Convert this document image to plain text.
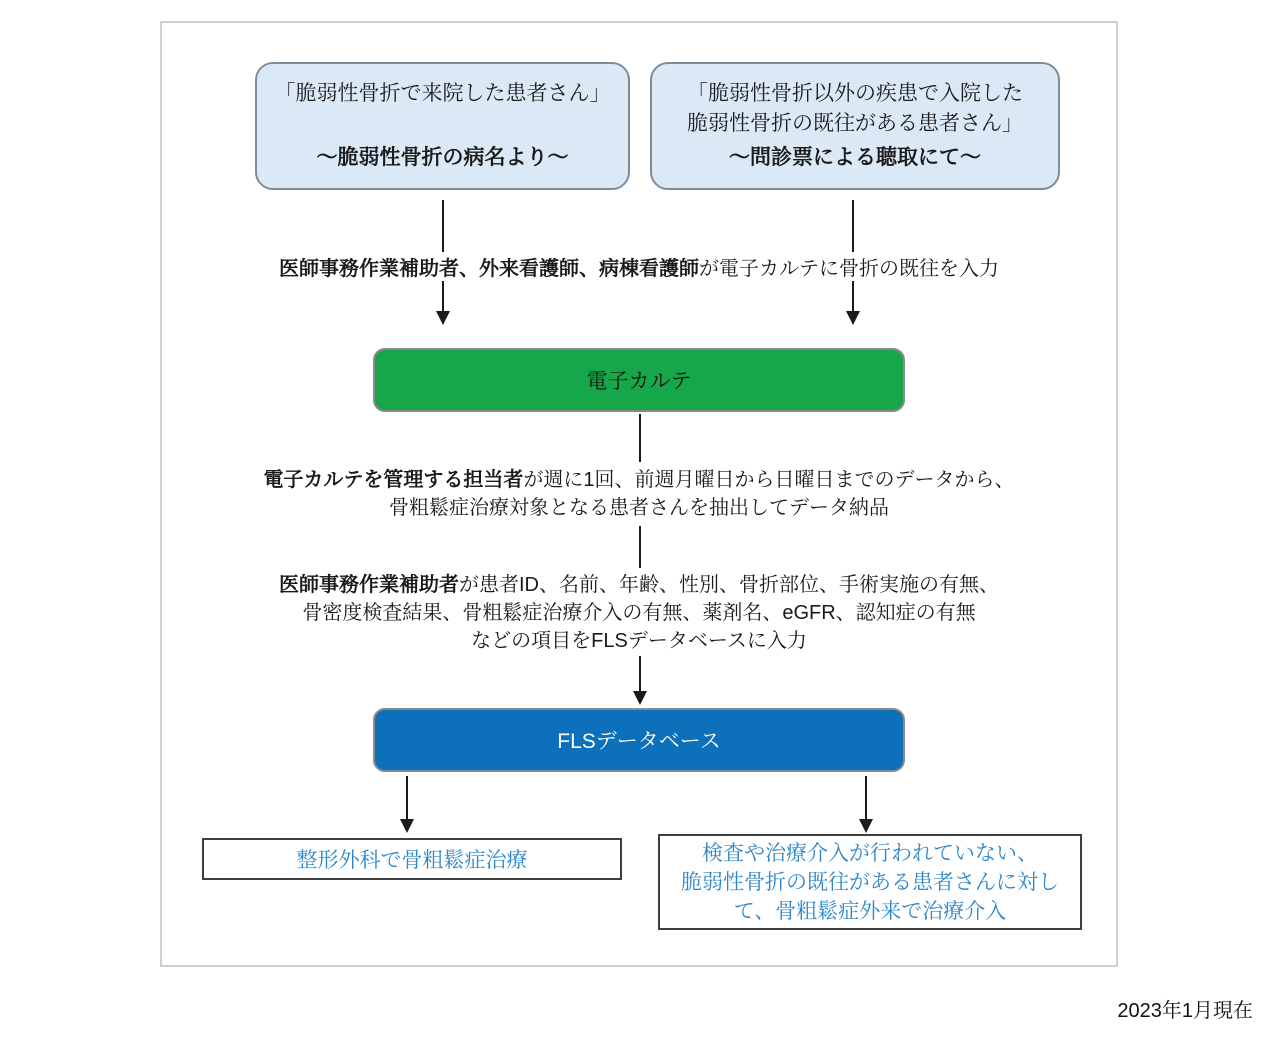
「脆弱性骨折で来院した患者さん」
～脆弱性骨折の病名より～
「脆弱性骨折以外の疾患で入院した
脆弱性骨折の既往がある患者さん」
～問診票による聴取にて～
医師事務作業補助者、外来看護師、病棟看護師が電子カルテに骨折の既往を入力
電子カルテ
電子カルテを管理する担当者が週に1回、前週月曜日から日曜日までのデータから、
骨粗鬆症治療対象となる患者さんを抽出してデータ納品
医師事務作業補助者が患者ID、名前、年齢、性別、骨折部位、手術実施の有無、
骨密度検査結果、骨粗鬆症治療介入の有無、薬剤名、eGFR、認知症の有無
などの項目をFLSデータベースに入力
FLSデータベース
整形外科で骨粗鬆症治療	検査や治療介入が行われていない、
脆弱性骨折の既往がある患者さんに対し
て、骨粗鬆症外来で治療介入
2023年1月現在
